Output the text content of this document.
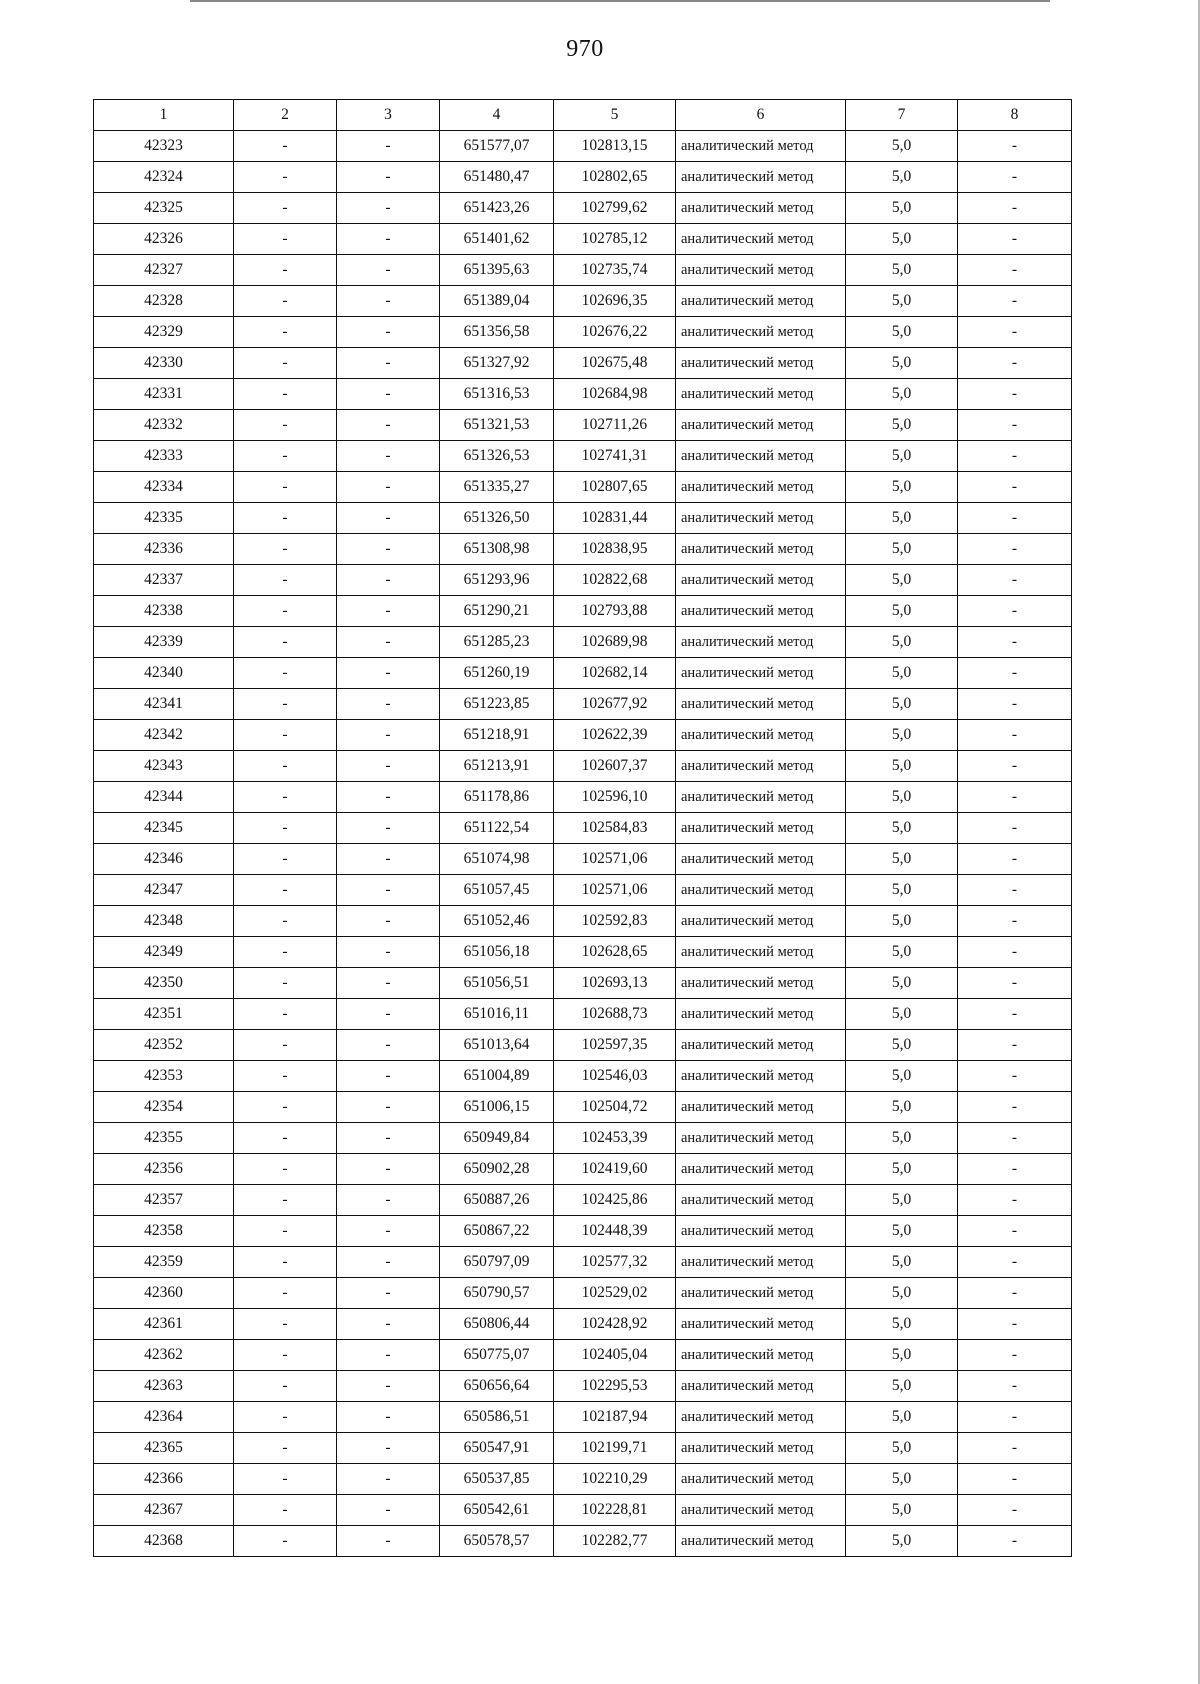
970
1	2	3	4	5	6	7	8
42323	-	-	651577,07	102813,15	аналитический метод	5,0	-
42324	-	-	651480,47	102802,65	аналитический метод	5,0	-
42325	-	-	651423,26	102799,62	аналитический метод	5,0	-
42326	-	-	651401,62	102785,12	аналитический метод	5,0	-
42327	-	-	651395,63	102735,74	аналитический метод	5,0	-
42328	-	-	651389,04	102696,35	аналитический метод	5,0	-
42329	-	-	651356,58	102676,22	аналитический метод	5,0	-
42330	-	-	651327,92	102675,48	аналитический метод	5,0	-
42331	-	-	651316,53	102684,98	аналитический метод	5,0	-
42332	-	-	651321,53	102711,26	аналитический метод	5,0	-
42333	-	-	651326,53	102741,31	аналитический метод	5,0	-
42334	-	-	651335,27	102807,65	аналитический метод	5,0	-
42335	-	-	651326,50	102831,44	аналитический метод	5,0	-
42336	-	-	651308,98	102838,95	аналитический метод	5,0	-
42337	-	-	651293,96	102822,68	аналитический метод	5,0	-
42338	-	-	651290,21	102793,88	аналитический метод	5,0	-
42339	-	-	651285,23	102689,98	аналитический метод	5,0	-
42340	-	-	651260,19	102682,14	аналитический метод	5,0	-
42341	-	-	651223,85	102677,92	аналитический метод	5,0	-
42342	-	-	651218,91	102622,39	аналитический метод	5,0	-
42343	-	-	651213,91	102607,37	аналитический метод	5,0	-
42344	-	-	651178,86	102596,10	аналитический метод	5,0	-
42345	-	-	651122,54	102584,83	аналитический метод	5,0	-
42346	-	-	651074,98	102571,06	аналитический метод	5,0	-
42347	-	-	651057,45	102571,06	аналитический метод	5,0	-
42348	-	-	651052,46	102592,83	аналитический метод	5,0	-
42349	-	-	651056,18	102628,65	аналитический метод	5,0	-
42350	-	-	651056,51	102693,13	аналитический метод	5,0	-
42351	-	-	651016,11	102688,73	аналитический метод	5,0	-
42352	-	-	651013,64	102597,35	аналитический метод	5,0	-
42353	-	-	651004,89	102546,03	аналитический метод	5,0	-
42354	-	-	651006,15	102504,72	аналитический метод	5,0	-
42355	-	-	650949,84	102453,39	аналитический метод	5,0	-
42356	-	-	650902,28	102419,60	аналитический метод	5,0	-
42357	-	-	650887,26	102425,86	аналитический метод	5,0	-
42358	-	-	650867,22	102448,39	аналитический метод	5,0	-
42359	-	-	650797,09	102577,32	аналитический метод	5,0	-
42360	-	-	650790,57	102529,02	аналитический метод	5,0	-
42361	-	-	650806,44	102428,92	аналитический метод	5,0	-
42362	-	-	650775,07	102405,04	аналитический метод	5,0	-
42363	-	-	650656,64	102295,53	аналитический метод	5,0	-
42364	-	-	650586,51	102187,94	аналитический метод	5,0	-
42365	-	-	650547,91	102199,71	аналитический метод	5,0	-
42366	-	-	650537,85	102210,29	аналитический метод	5,0	-
42367	-	-	650542,61	102228,81	аналитический метод	5,0	-
42368	-	-	650578,57	102282,77	аналитический метод	5,0	-
